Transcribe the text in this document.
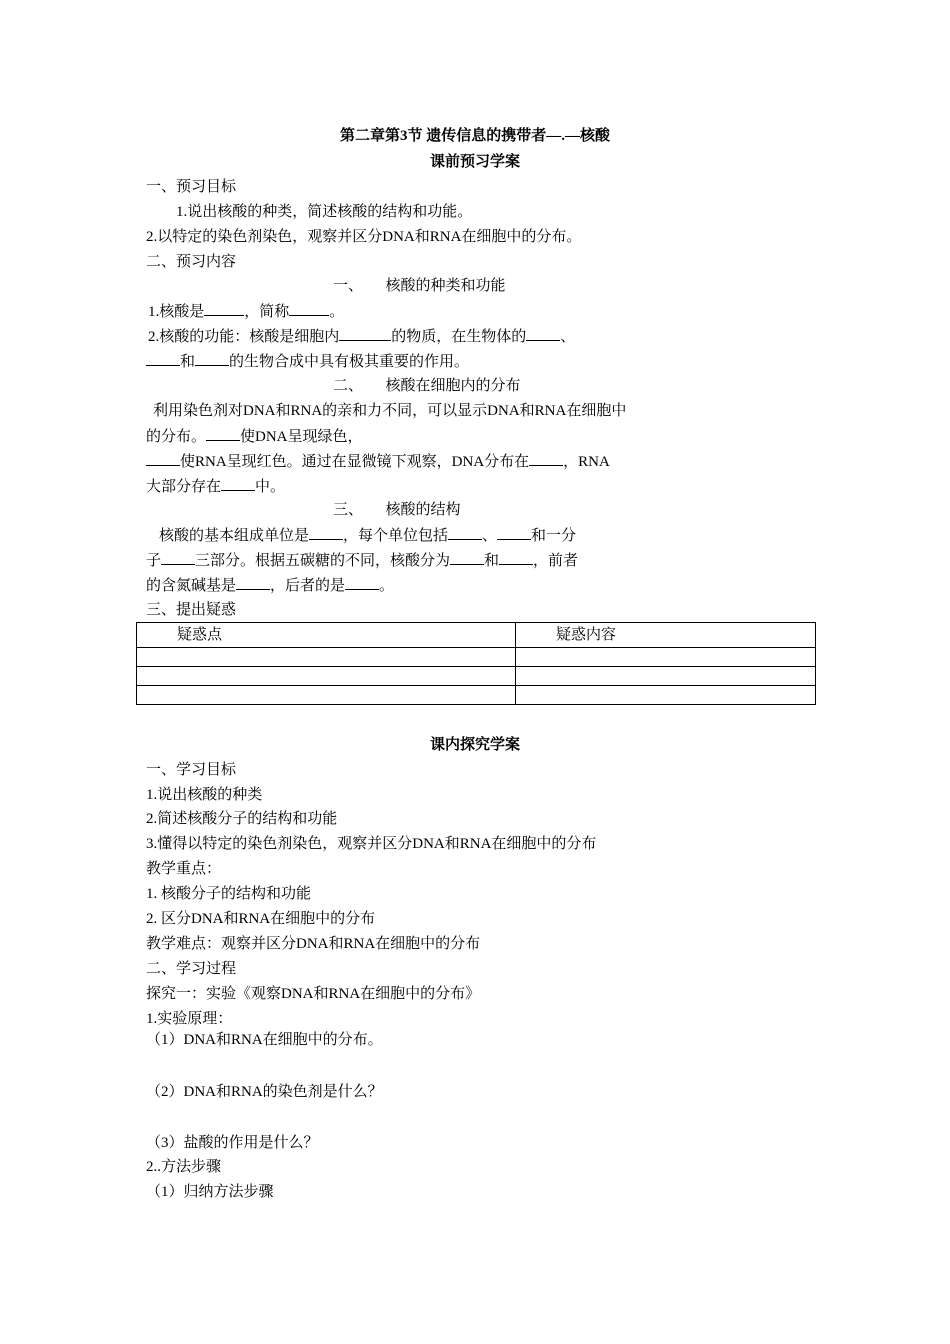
第二章第3节 遗传信息的携带者—.—核酸
课前预习学案
一、预习目标
1.说出核酸的种类，简述核酸的结构和功能。
2.以特定的染色剂染色，观察并区分DNA和RNA在细胞中的分布。
二、预习内容
一、　　核酸的种类和功能
1.核酸是	，简称	。
2.核酸的功能：核酸是细胞内	的物质，在生物体的 、
和 的生物合成中具有极其重要的作用。
二、　　核酸在细胞内的分布
利用染色剂对DNA和RNA的亲和力不同，可以显示DNA和RNA在细胞中
的分布。 使DNA呈现绿色，
使RNA呈现红色。通过在显微镜下观察，DNA分布在 ，RNA
大部分存在 中。
三、　　核酸的结构
核酸的基本组成单位是 ，每个单位包括 、 和一分
子 三部分。根据五碳糖的不同，核酸分为 和 ，前者
的含氮碱基是 ，后者的是 。
三、提出疑惑
疑惑点	疑惑内容

课内探究学案
一、学习目标
1.说出核酸的种类
2.简述核酸分子的结构和功能
3.懂得以特定的染色剂染色，观察并区分DNA和RNA在细胞中的分布
教学重点：
1. 核酸分子的结构和功能
2. 区分DNA和RNA在细胞中的分布
教学难点：观察并区分DNA和RNA在细胞中的分布
二、学习过程
探究一：实验《观察DNA和RNA在细胞中的分布》
1.实验原理：
（1）DNA和RNA在细胞中的分布。
（2）DNA和RNA的染色剂是什么？
（3）盐酸的作用是什么？
2..方法步骤
（1）归纳方法步骤
